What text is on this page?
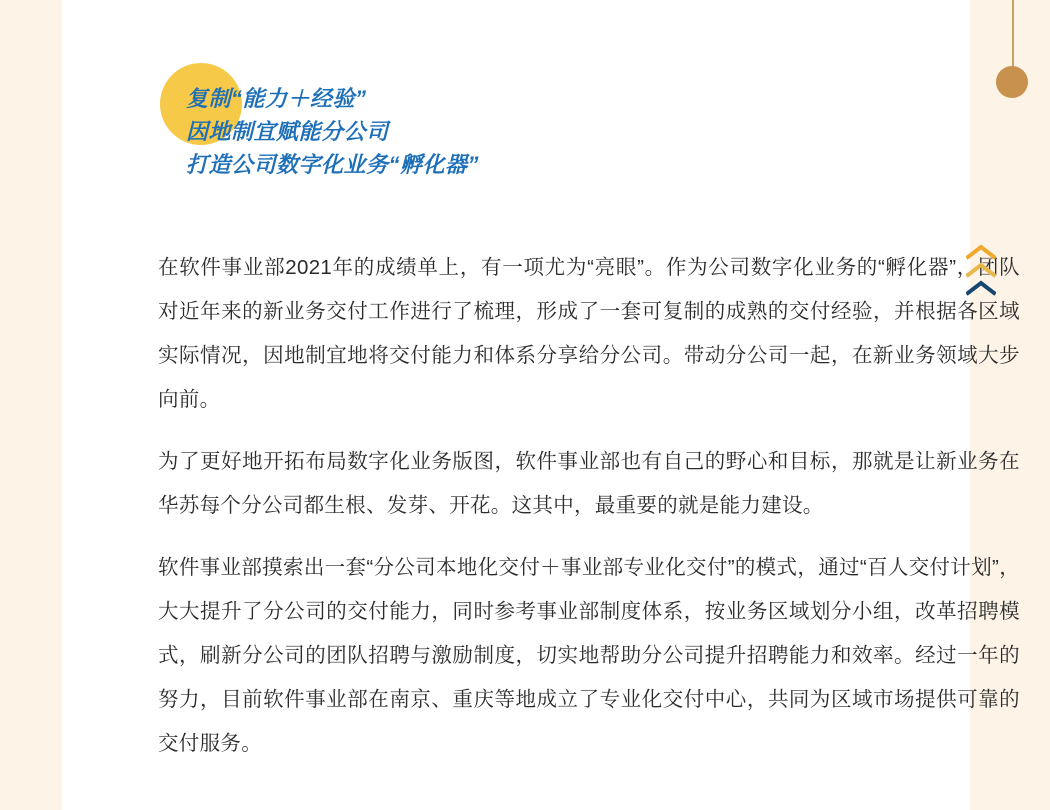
复制“能力＋经验”
因地制宜赋能分公司
打造公司数字化业务“孵化器”

在软件事业部2021年的成绩单上，有一项尤为“亮眼”。作为公司数字化业务的“孵化器”，团队对近年来的新业务交付工作进行了梳理，形成了一套可复制的成熟的交付经验，并根据各区域实际情况，因地制宜地将交付能力和体系分享给分公司。带动分公司一起，在新业务领域大步向前。

为了更好地开拓布局数字化业务版图，软件事业部也有自己的野心和目标，那就是让新业务在华苏每个分公司都生根、发芽、开花。这其中，最重要的就是能力建设。

软件事业部摸索出一套“分公司本地化交付＋事业部专业化交付”的模式，通过“百人交付计划”，大大提升了分公司的交付能力，同时参考事业部制度体系，按业务区域划分小组，改革招聘模式，刷新分公司的团队招聘与激励制度，切实地帮助分公司提升招聘能力和效率。经过一年的努力，目前软件事业部在南京、重庆等地成立了专业化交付中心，共同为区域市场提供可靠的交付服务。
